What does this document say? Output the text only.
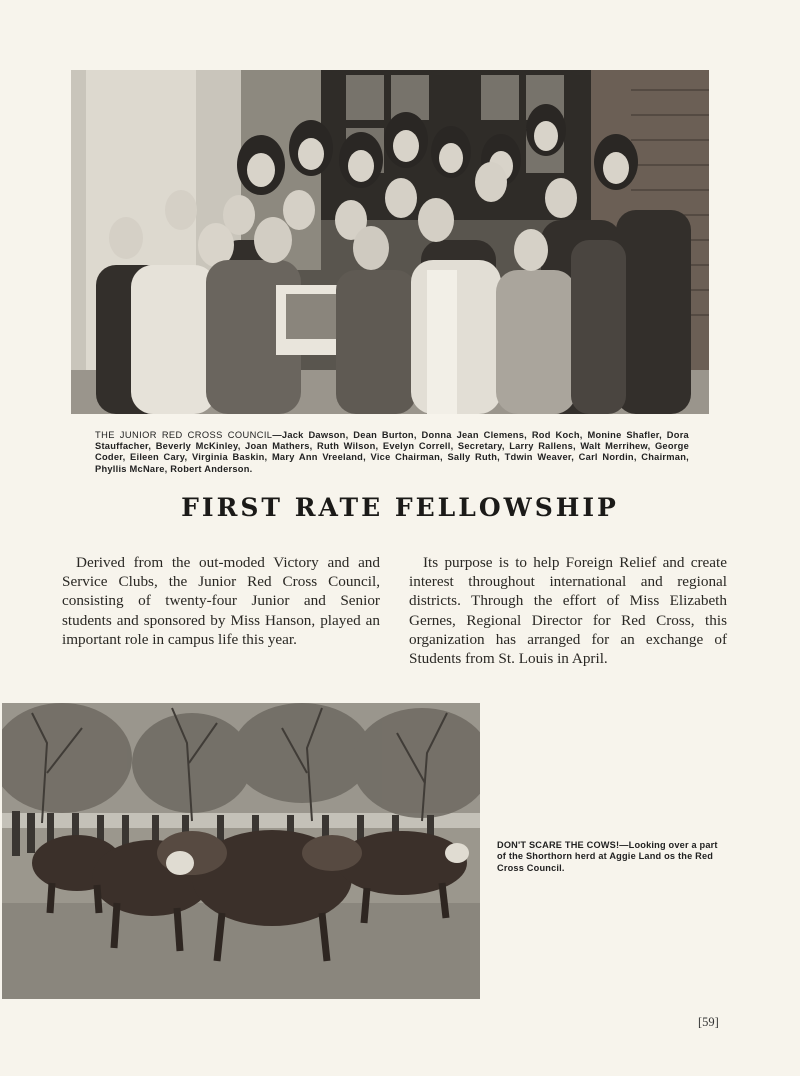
THE JUNIOR RED CROSS COUNCIL—Jack Dawson, Dean Burton, Donna Jean Clemens, Rod Koch, Monine Shafler, Dora Stauffacher, Beverly McKinley, Joan Mathers, Ruth Wilson, Evelyn Correll, Secretary, Larry Rallens, Walt Merrihew, George Coder, Eileen Cary, Virginia Baskin, Mary Ann Vreeland, Vice Chairman, Sally Ruth, Tdwin Weaver, Carl Nordin, Chairman, Phyllis McNare, Robert Anderson.
FIRST RATE FELLOWSHIP
Derived from the out-moded Victory and and Service Clubs, the Junior Red Cross Council, consisting of twenty-four Junior and Senior students and sponsored by Miss Hanson, played an important role in campus life this year.
Its purpose is to help Foreign Relief and create interest throughout international and regional districts. Through the effort of Miss Elizabeth Gernes, Regional Director for Red Cross, this organization has arranged for an exchange of Students from St. Louis in April.
DON'T SCARE THE COWS!—Looking over a part of the Shorthorn herd at Aggie Land os the Red Cross Council.
[59]
